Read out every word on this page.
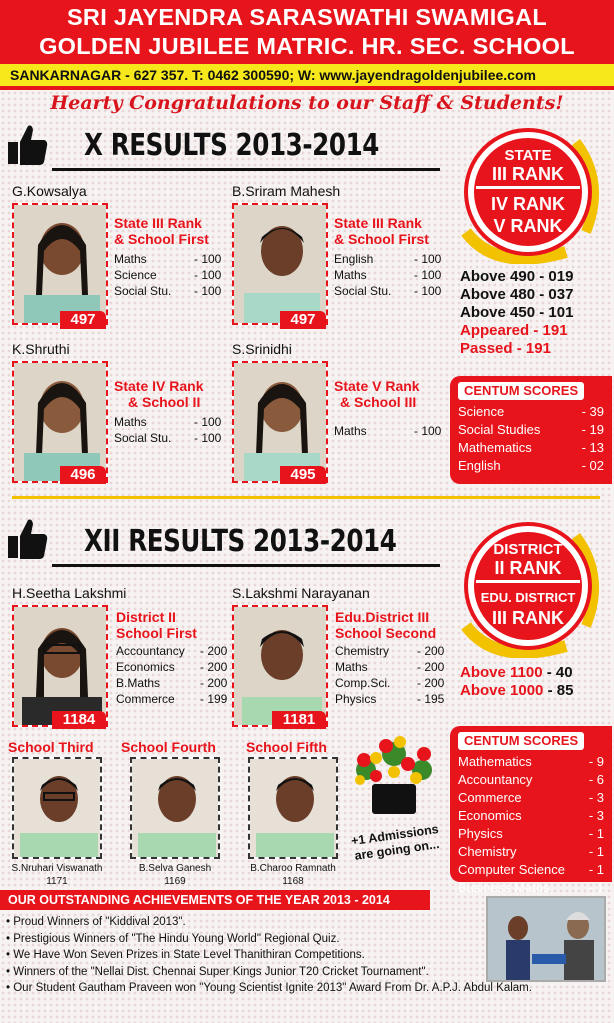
SRI JAYENDRA SARASWATHI SWAMIGAL
GOLDEN JUBILEE MATRIC. HR. SEC. SCHOOL
SANKARNAGAR - 627 357. T: 0462 300590; W: www.jayendragoldenjubilee.com
Hearty Congratulations to our Staff & Students!
X RESULTS 2013-2014
G.Kowsalya
497
State III Rank
& School First
Maths	- 100
Science	- 100
Social Stu.	- 100
B.Sriram Mahesh
497
State III Rank
& School First
English	- 100
Maths	- 100
Social Stu.	- 100
K.Shruthi
496
State IV Rank
& School II
Maths	- 100
Social Stu.	- 100
S.Srinidhi
495
State V Rank
& School III
Maths	- 100
STATE
III RANK
IV RANK
V RANK
Above 490 - 019
Above 480 - 037
Above 450 - 101
Appeared - 191
Passed - 191
CENTUM SCORES
Science	- 39
Social Studies	- 19
Mathematics	- 13
English	- 02
XII RESULTS 2013-2014
H.Seetha Lakshmi
1184
District II
School First
Accountancy	- 200
Economics	- 200
B.Maths	- 200
Commerce	- 199
S.Lakshmi Narayanan
1181
Edu.District III
School Second
Chemistry	- 200
Maths	- 200
Comp.Sci.	- 200
Physics	- 195
DISTRICT
II RANK
EDU. DISTRICT
III RANK
Above 1100 - 40
Above 1000 - 85
School Third
S.Nruhari Viswanath
1171
School Fourth
B.Selva Ganesh
1169
School Fifth
B.Charoo Ramnath
1168
+1 Admissions are going on...
CENTUM SCORES
Mathematics	- 9
Accountancy	- 6
Commerce	- 3
Economics	- 3
Physics	- 1
Chemistry	- 1
Computer Science - 1
Business Maths	- 1
OUR OUTSTANDING ACHIEVEMENTS OF THE YEAR 2013 - 2014
• Proud Winners of "Kiddival 2013".
• Prestigious Winners of "The Hindu Young World" Regional Quiz.
• We Have Won Seven Prizes in State Level Thanithiran Competitions.
• Winners of the "Nellai Dist. Chennai Super Kings Junior T20 Cricket Tournament".
• Our Student Gautham Praveen won "Young Scientist Ignite 2013" Award From Dr. A.P.J. Abdul Kalam.
